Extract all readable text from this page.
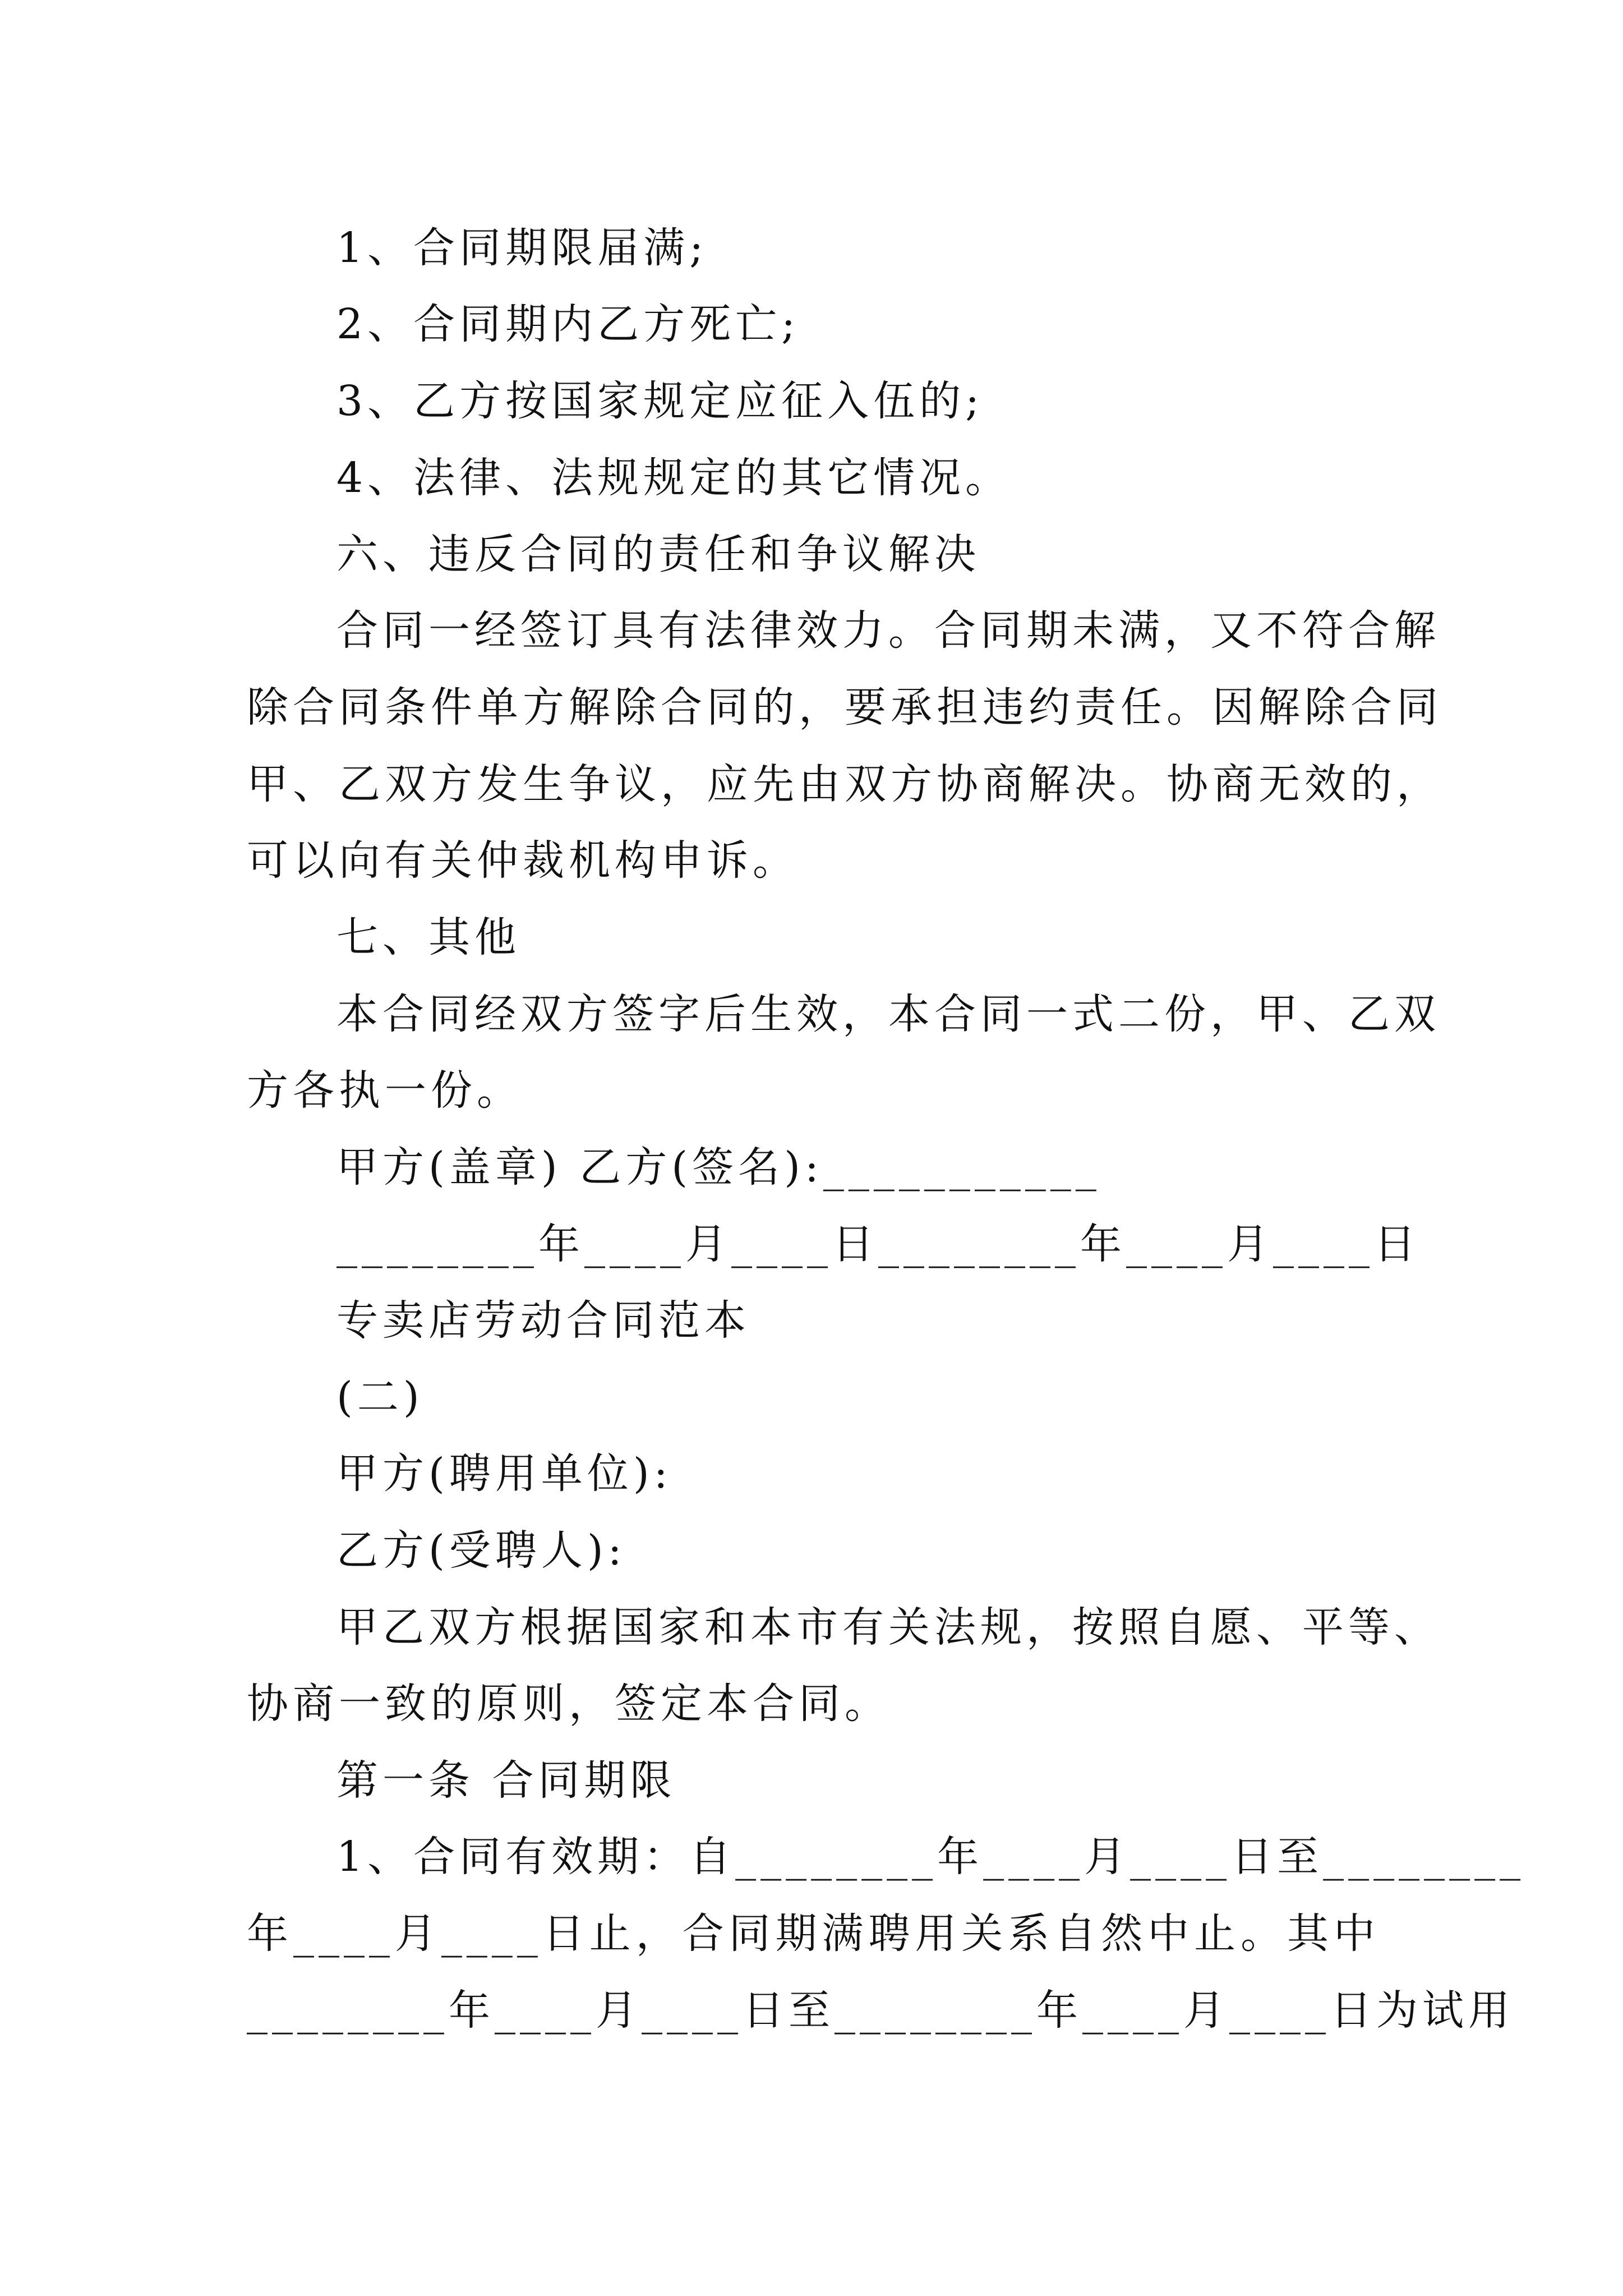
1、合同期限届满;
2、合同期内乙方死亡;
3、乙方按国家规定应征入伍的;
4、法律、法规规定的其它情况。
六、违反合同的责任和争议解决
合同一经签订具有法律效力。合同期未满，又不符合解
除合同条件单方解除合同的，要承担违约责任。因解除合同
甲、乙双方发生争议，应先由双方协商解决。协商无效的，
可以向有关仲裁机构申诉。
七、其他
本合同经双方签字后生效，本合同一式二份，甲、乙双
方各执一份。
甲方(盖章) 乙方(签名):___________
________年____月____日________年____月____日
专卖店劳动合同范本
(二)
甲方(聘用单位):
乙方(受聘人):
甲乙双方根据国家和本市有关法规，按照自愿、平等、
协商一致的原则，签定本合同。
第一条 合同期限
1、合同有效期：自________年____月____日至________
年____月____日止，合同期满聘用关系自然中止。其中
________年____月____日至________年____月____日为试用
